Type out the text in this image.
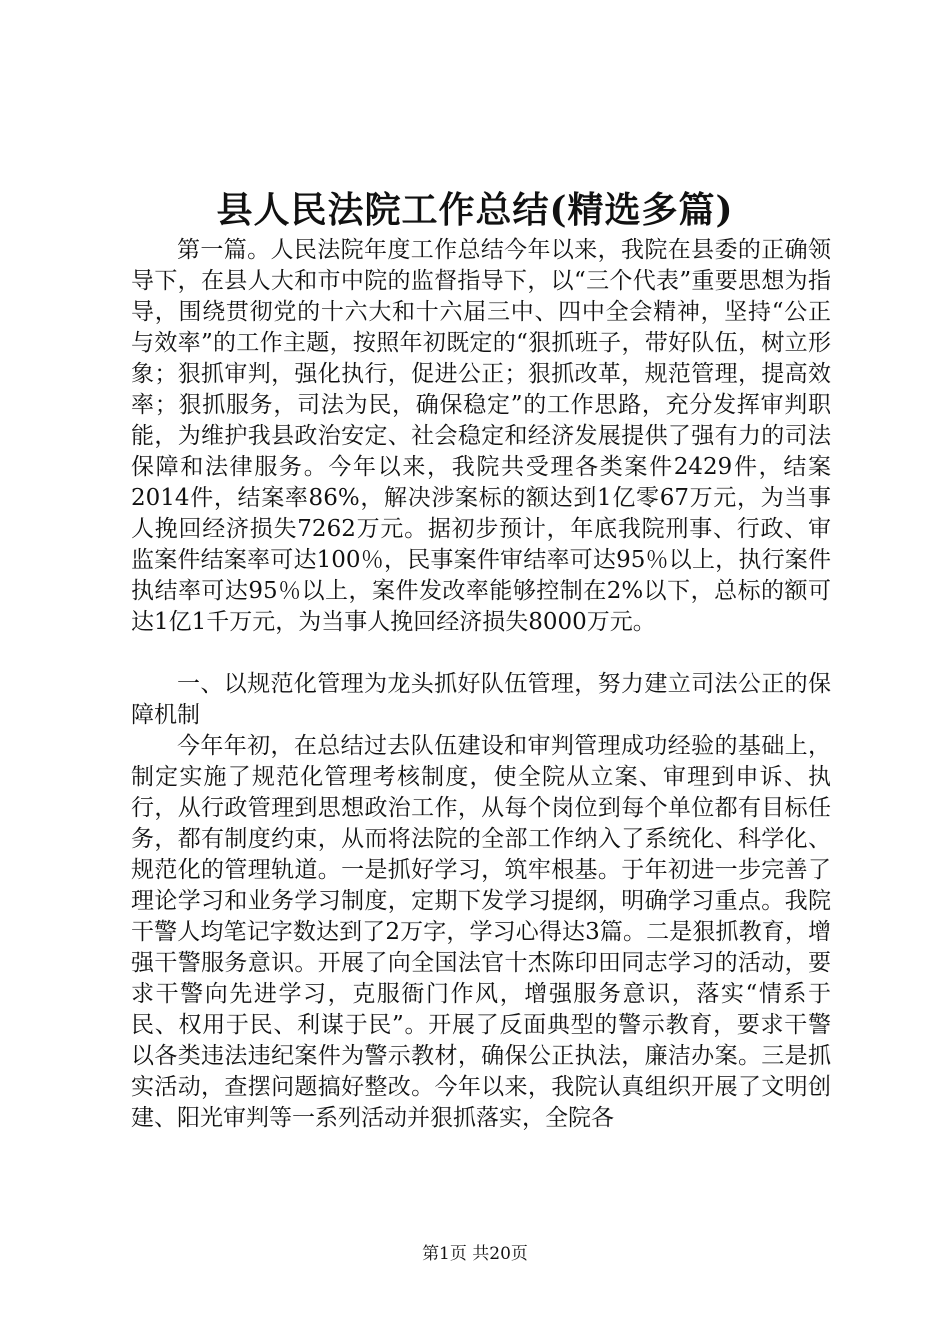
县人民法院工作总结(精选多篇)

第一篇。人民法院年度工作总结今年以来，我院在县委的正确领导下，在县人大和市中院的监督指导下，以“三个代表”重要思想为指导，围绕贯彻党的十六大和十六届三中、四中全会精神，坚持“公正与效率”的工作主题，按照年初既定的“狠抓班子，带好队伍，树立形象；狠抓审判，强化执行，促进公正；狠抓改革，规范管理，提高效率；狠抓服务，司法为民，确保稳定”的工作思路，充分发挥审判职能，为维护我县政治安定、社会稳定和经济发展提供了强有力的司法保障和法律服务。今年以来，我院共受理各类案件2429件，结案2014件，结案率86%，解决涉案标的额达到1亿零67万元，为当事人挽回经济损失7262万元。据初步预计，年底我院刑事、行政、审监案件结案率可达100％，民事案件审结率可达95％以上，执行案件执结率可达95％以上，案件发改率能够控制在2%以下，总标的额可达1亿1千万元，为当事人挽回经济损失8000万元。

一、以规范化管理为龙头抓好队伍管理，努力建立司法公正的保障机制

今年年初，在总结过去队伍建设和审判管理成功经验的基础上，制定实施了规范化管理考核制度，使全院从立案、审理到申诉、执行，从行政管理到思想政治工作，从每个岗位到每个单位都有目标任务，都有制度约束，从而将法院的全部工作纳入了系统化、科学化、规范化的管理轨道。一是抓好学习，筑牢根基。于年初进一步完善了理论学习和业务学习制度，定期下发学习提纲，明确学习重点。我院干警人均笔记字数达到了2万字，学习心得达3篇。二是狠抓教育，增强干警服务意识。开展了向全国法官十杰陈印田同志学习的活动，要求干警向先进学习，克服衙门作风，增强服务意识，落实“情系于民、权用于民、利谋于民”。开展了反面典型的警示教育，要求干警以各类违法违纪案件为警示教材，确保公正执法，廉洁办案。三是抓实活动，查摆问题搞好整改。今年以来，我院认真组织开展了文明创建、阳光审判等一系列活动并狠抓落实，全院各

第1页 共20页
